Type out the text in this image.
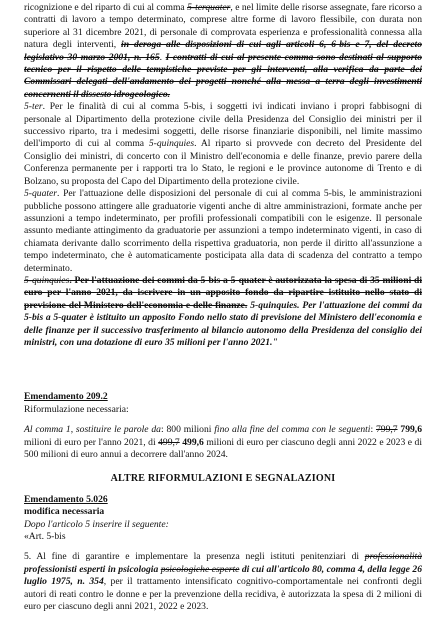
ricognizione e del riparto di cui al comma 5-terquater, e nel limite delle risorse assegnate, fare ricorso a contratti di lavoro a tempo determinato, comprese altre forme di lavoro flessibile, con durata non superiore al 31 dicembre 2021, di personale di comprovata esperienza e professionalità connessa alla natura degli interventi, in deroga alle disposizioni di cui agli articoli 6, 6-bis e 7, del decreto legislativo 30 marzo 2001, n. 165. I contratti di cui al presente comma sono destinati al supporto tecnico per il rispetto delle tempistiche previste per gli interventi, alla verifica da parte dei Commissari delegati dell'andamento dei progetti nonché alla messa a terra degli investimenti concernenti il dissesto idrogeologico.

5-ter. Per le finalità di cui al comma 5-bis, i soggetti ivi indicati inviano i propri fabbisogni di personale al Dipartimento della protezione civile della Presidenza del Consiglio dei ministri per il successivo riparto, tra i medesimi soggetti, delle risorse finanziarie disponibili, nel limite massimo dell'importo di cui al comma 5-quinquies. Al riparto si provvede con decreto del Presidente del Consiglio dei ministri, di concerto con il Ministro dell'economia e delle finanze, previo parere della Conferenza permanente per i rapporti tra lo Stato, le regioni e le province autonome di Trento e di Bolzano, su proposta del Capo del Dipartimento della protezione civile.

5-quater. Per l'attuazione delle disposizioni del personale di cui al comma 5-bis, le amministrazioni pubbliche possono attingere alle graduatorie vigenti anche di altre amministrazioni, formate anche per assunzioni a tempo indeterminato, per profili professionali compatibili con le esigenze. Il personale assunto mediante attingimento da graduatorie per assunzioni a tempo indeterminato vigenti, in caso di chiamata derivante dallo scorrimento della rispettiva graduatoria, non perde il diritto all'assunzione a tempo indeterminato, che è automaticamente posticipata alla data di scadenza del contratto a tempo determinato.

5-quinquies. Per l'attuazione dei commi da 5-bis a 5-quater è autorizzata la spesa di 35 milioni di euro per l'anno 2021, da iscrivere in un apposito fondo da ripartire istituito nello stato di previsione del Ministero dell'economia e delle finanze. 5-quinquies. Per l'attuazione dei commi da 5-bis a 5-quater è istituito un apposito Fondo nello stato di previsione del Ministero dell'economia e delle finanze per il successivo trasferimento al bilancio autonomo della Presidenza del consiglio dei ministri, con una dotazione di euro 35 milioni per l'anno 2021."

Emendamento 209.2

Riformulazione necessaria:

Al comma 1, sostituire le parole da: 800 milioni fino alla fine del comma con le seguenti: 799,7 799,6 milioni di euro per l'anno 2021, di 499,7 499,6 milioni di euro per ciascuno degli anni 2022 e 2023 e di 500 milioni di euro annui a decorrere dall'anno 2024.

ALTRE RIFORMULAZIONI E SEGNALAZIONI

Emendamento 5.026

modifica necessaria

Dopo l'articolo 5 inserire il seguente:

«Art. 5-bis

5. Al fine di garantire e implementare la presenza negli istituti penitenziari di professionalità professionisti esperti in psicologia psicologiche esperte di cui all'articolo 80, comma 4, della legge 26 luglio 1975, n. 354, per il trattamento intensificato cognitivo-comportamentale nei confronti degli autori di reati contro le donne e per la prevenzione della recidiva, è autorizzata la spesa di 2 milioni di euro per ciascuno degli anni 2021, 2022 e 2023.
